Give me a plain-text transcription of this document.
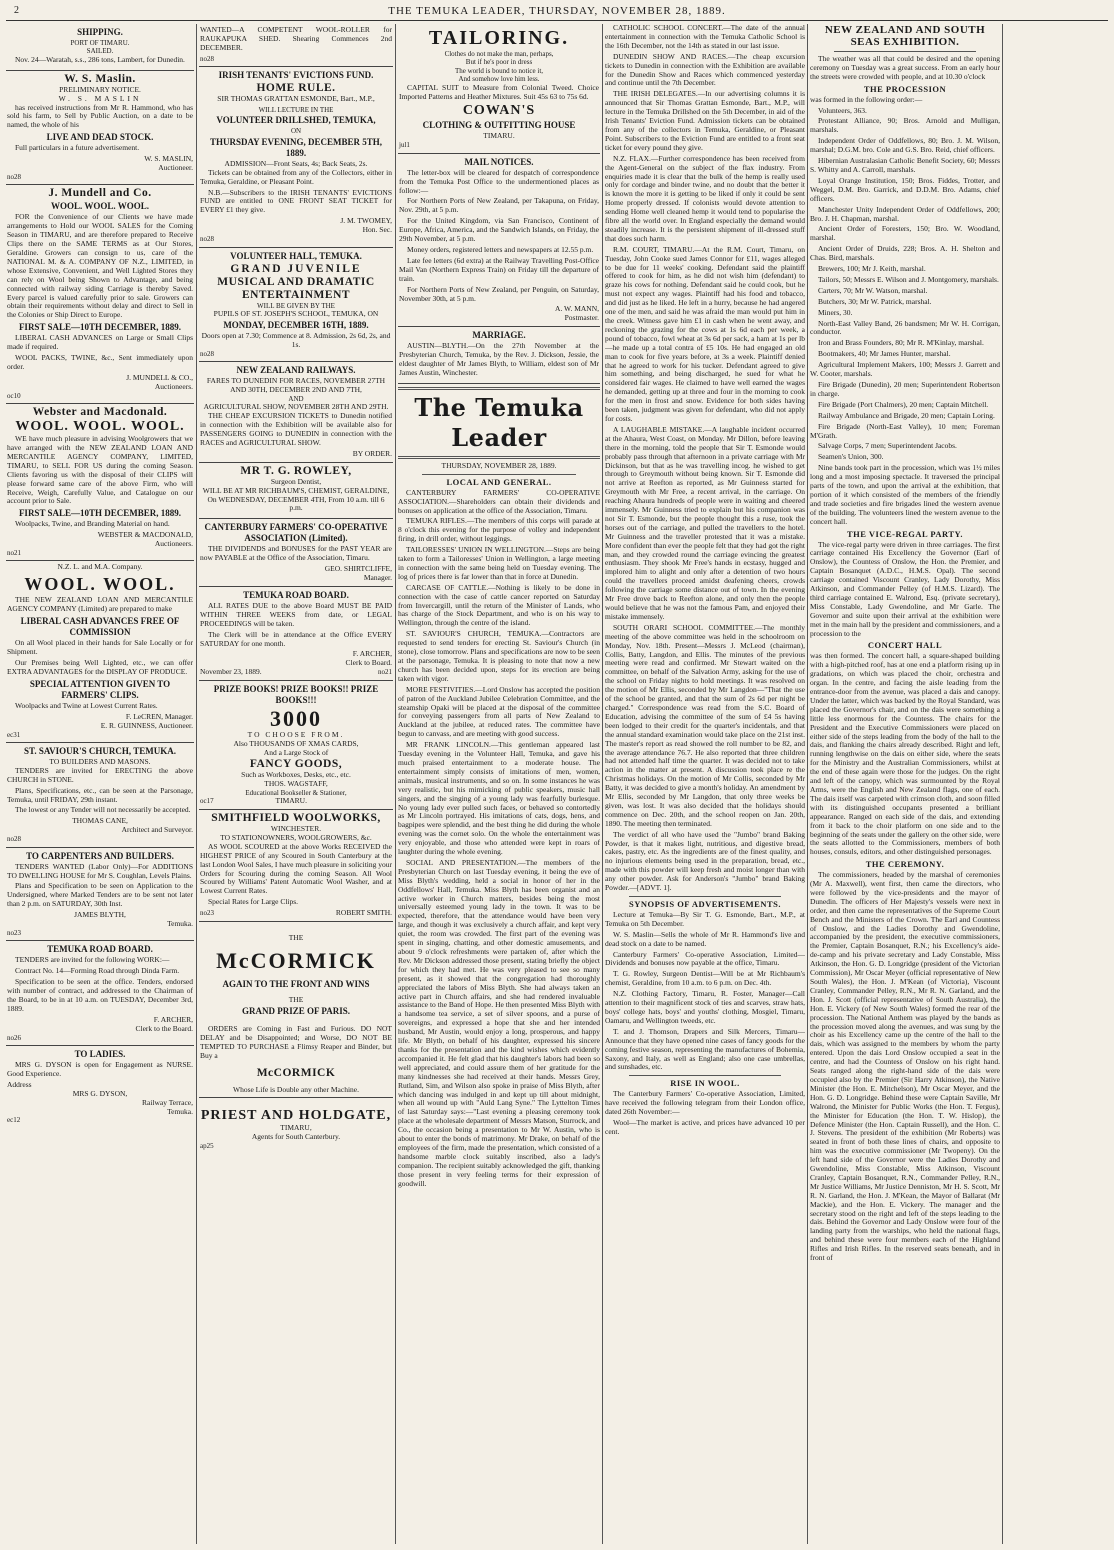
2	THE TEMUKA LEADER, THURSDAY, NOVEMBER 28, 1889.
SHIPPING.
PORT OF TIMARU.
SAILED.

Nov. 24—Waratah, s.s., 286 tons, Lambert, for Dunedin.

W. S. Maslin.
PRELIMINARY NOTICE.
W. S. MASLIN

has received instructions from Mr R. Hammond, who has sold his farm, to Sell by Public Auction, on a date to be named, the whole of his

LIVE AND DEAD STOCK.

Full particulars in a future advertisement.

W. S. MASLIN,
Auctioneer.
no28
J. Mundell and Co.
WOOL. WOOL. WOOL.

FOR the Convenience of our Clients we have made arrangements to Hold our WOOL SALES for the Coming Season in TIMARU, and are therefore prepared to Receive Clips there on the SAME TERMS as at Our Stores, Geraldine. Growers can consign to us, care of the NATIONAL M. & A. COMPANY OF N.Z., LIMITED, in whose Extensive, Convenient, and Well Lighted Stores they can rely on Wool being Shown to Advantage, and being connected with railway siding Carriage is thereby Saved. Every parcel is valued carefully prior to sale. Growers can obtain their requirements without delay and direct to Sell in the Colonies or Ship Direct to Europe.

FIRST SALE—10TH DECEMBER, 1889.

LIBERAL CASH ADVANCES on Large or Small Clips made if required.

WOOL PACKS, TWINE, &c., Sent immediately upon order.

J. MUNDELL & CO.,
Auctioneers.
oc10
Webster and Macdonald.
WOOL. WOOL. WOOL.

WE have much pleasure in advising Woolgrowers that we have arranged with the NEW ZEALAND LOAN AND MERCANTILE AGENCY COMPANY, LIMITED, TIMARU, to SELL FOR US during the coming Season. Clients favoring us with the disposal of their CLIPS will please forward same care of the above Firm, who will Receive, Weigh, Carefully Value, and Catalogue on our account prior to Sale.

FIRST SALE—10TH DECEMBER, 1889.

Woolpacks, Twine, and Branding Material on hand.

WEBSTER & MACDONALD,
Auctioneers.
no21
N.Z. L. and M.A. Company.
WOOL. WOOL.

THE NEW ZEALAND LOAN AND MERCANTILE AGENCY COMPANY (Limited) are prepared to make

LIBERAL CASH ADVANCES FREE OF COMMISSION

On all Wool placed in their hands for Sale Locally or for Shipment.

Our Premises being Well Lighted, etc., we can offer EXTRA ADVANTAGES for the DISPLAY OF PRODUCE.

SPECIAL ATTENTION GIVEN TO FARMERS' CLIPS.

Woolpacks and Twine at Lowest Current Rates.

F. LeCREN, Manager.
E. R. GUINNESS, Auctioneer.
ec31
ST. SAVIOUR'S CHURCH, TEMUKA.
TO BUILDERS AND MASONS.

TENDERS are invited for ERECTING the above CHURCH in STONE.

Plans, Specifications, etc., can be seen at the Parsonage, Temuka, until FRIDAY, 29th instant.

The lowest or any Tender will not necessarily be accepted.

THOMAS CANE,
Architect and Surveyor.
no28
TO CARPENTERS AND BUILDERS.

TENDERS WANTED (Labor Only)—For ADDITIONS TO DWELLING HOUSE for Mr S. Coughlan, Levels Plains.

Plans and Specification to be seen on Application to the Undersigned, where Marked Tenders are to be sent not later than 2 p.m. on SATURDAY, 30th Inst.

JAMES BLYTH,
Temuka.
no23
TEMUKA ROAD BOARD.

TENDERS are invited for the following WORK:—

Contract No. 14—Forming Road through Dinda Farm.

Specification to be seen at the office. Tenders, endorsed with number of contract, and addressed to the Chairman of the Board, to be in at 10 a.m. on TUESDAY, December 3rd, 1889.

F. ARCHER,
Clerk to the Board.
no26
TO LADIES.

MRS G. DYSON is open for Engagement as NURSE. Good Experience.

Address
MRS G. DYSON,
Railway Terrace,
Temuka.
ec12

WANTED—A COMPETENT WOOL-ROLLER for RAUKAPUKA SHED. Shearing Commences 2nd DECEMBER.

no28
IRISH TENANTS' EVICTIONS FUND.
HOME RULE.

SIR THOMAS GRATTAN ESMONDE, Bart., M.P.,

WILL LECTURE IN THE
VOLUNTEER DRILLSHED, TEMUKA,
ON
THURSDAY EVENING, DECEMBER 5TH, 1889.
ADMISSION—Front Seats, 4s; Back Seats, 2s.

Tickets can be obtained from any of the Collectors, either in Temuka, Geraldine, or Pleasant Point.

N.B.—Subscribers to the IRISH TENANTS' EVICTIONS FUND are entitled to ONE FRONT SEAT TICKET for EVERY £1 they give.

J. M. TWOMEY,
Hon. Sec.
no28
VOLUNTEER HALL, TEMUKA.
GRAND JUVENILE
MUSICAL AND DRAMATIC ENTERTAINMENT
WILL BE GIVEN BY THE
PUPILS OF ST. JOSEPH'S SCHOOL, TEMUKA, ON
MONDAY, DECEMBER 16TH, 1889.
Doors open at 7.30; Commence at 8. Admission, 2s 6d, 2s, and 1s.
no28
NEW ZEALAND RAILWAYS.
FARES TO DUNEDIN FOR RACES, NOVEMBER 27TH AND 30TH, DECEMBER 2ND AND 7TH,
AND
AGRICULTURAL SHOW, NOVEMBER 28TH AND 29TH.

THE CHEAP EXCURSION TICKETS to Dunedin notified in connection with the Exhibition will be available also for PASSENGERS GOING to DUNEDIN in connection with the RACES and AGRICULTURAL SHOW.

BY ORDER.
MR T. G. ROWLEY,
Surgeon Dentist,

WILL BE AT MR RICHBAUM'S, CHEMIST, GERALDINE, On WEDNESDAY, DECEMBER 4TH, From 10 a.m. till 6 p.m.

CANTERBURY FARMERS' CO-OPERATIVE ASSOCIATION (Limited).

THE DIVIDENDS and BONUSES for the PAST YEAR are now PAYABLE at the Office of the Association, Timaru.

GEO. SHIRTCLIFFE,
Manager.
TEMUKA ROAD BOARD.

ALL RATES DUE to the above Board MUST BE PAID WITHIN THREE WEEKS from date, or LEGAL PROCEEDINGS will be taken.

The Clerk will be in attendance at the Office EVERY SATURDAY for one month.

F. ARCHER,
Clerk to Board.
November 23, 1889.	no21
PRIZE BOOKS! PRIZE BOOKS!! PRIZE BOOKS!!!
3000
TO CHOOSE FROM.
Also THOUSANDS OF XMAS CARDS,
And a Large Stock of
FANCY GOODS,
Such as Workboxes, Desks, etc., etc.
THOS. WAGSTAFF,
Educational Bookseller & Stationer,
oc17	TIMARU.
SMITHFIELD WOOLWORKS,
WINCHESTER.
TO STATIONOWNERS, WOOLGROWERS, &c.

AS WOOL SCOURED at the above Works RECEIVED the HIGHEST PRICE of any Scoured in South Canterbury at the last London Wool Sales, I have much pleasure in soliciting your Orders for Scouring during the coming Season. All Wool Scoured by Williams' Patent Automatic Wool Washer, and at Lowest Current Rates.

Special Rates for Large Clips.

no23	ROBERT SMITH.
THE
McCORMICK
AGAIN TO THE FRONT AND WINS
THE
GRAND PRIZE OF PARIS.

ORDERS are Coming in Fast and Furious. DO NOT DELAY and be Disappointed; and Worse, DO NOT BE TEMPTED TO PURCHASE a Flimsy Reaper and Binder, but Buy a

McCORMICK
Whose Life is Double any other Machine.
PRIEST AND HOLDGATE,
TIMARU,
Agents for South Canterbury.
ap25
TAILORING.
Clothes do not make the man, perhaps,
But if he's poor in dress
The world is bound to notice it,
And somehow love him less.

CAPITAL SUIT to Measure from Colonial Tweed. Choice Imported Patterns and Heather Mixtures. Suit 45s 63 to 75s 6d.

COWAN'S
CLOTHING & OUTFITTING HOUSE
TIMARU.
jul1
MAIL NOTICES.

The letter-box will be cleared for despatch of correspondence from the Temuka Post Office to the undermentioned places as follow:—

For Northern Ports of New Zealand, per Takapuna, on Friday, Nov. 29th, at 5 p.m.

For the United Kingdom, via San Francisco, Continent of Europe, Africa, America, and the Sandwich Islands, on Friday, the 29th November, at 5 p.m.

Money orders, registered letters and newspapers at 12.55 p.m.

Late fee letters (6d extra) at the Railway Travelling Post-Office Mail Van (Northern Express Train) on Friday till the departure of train.

For Northern Ports of New Zealand, per Penguin, on Saturday, November 30th, at 5 p.m.

A. W. MANN,
Postmaster.
MARRIAGE.

AUSTIN—BLYTH.—On the 27th November at the Presbyterian Church, Temuka, by the Rev. J. Dickson, Jessie, the eldest daughter of Mr James Blyth, to William, eldest son of Mr James Austin, Winchester.

The Temuka Leader
THURSDAY, NOVEMBER 28, 1889.
LOCAL AND GENERAL.

CANTERBURY FARMERS' CO-OPERATIVE ASSOCIATION.—Shareholders can obtain their dividends and bonuses on application at the office of the Association, Timaru.

TEMUKA RIFLES.—The members of this corps will parade at 8 o'clock this evening for the purpose of volley and independent firing, in drill order, without leggings.

TAILORESSES' UNION IN WELLINGTON.—Steps are being taken to form a Tailoresses' Union in Wellington, a large meeting in connection with the same being held on Tuesday evening. The log of prices there is far lower than that in force at Dunedin.

CARCASE OF CATTLE.—Nothing is likely to be done in connection with the case of cattle cancer reported on Saturday from Invercargill, until the return of the Minister of Lands, who has charge of the Stock Department, and who is on his way to Wellington, through the centre of the island.

ST. SAVIOUR'S CHURCH, TEMUKA.—Contractors are requested to send tenders for erecting St. Saviour's Church (in stone), close tomorrow. Plans and specifications are now to be seen at the parsonage, Temuka. It is pleasing to note that now a new church has been decided upon, steps for its erection are being taken with vigor.

MORE FESTIVITIES.—Lord Onslow has accepted the position of patron of the Auckland Jubilee Celebration Committee, and the steamship Opaki will be placed at the disposal of the committee for conveying passengers from all parts of New Zealand to Auckland at the jubilee, at reduced rates. The committee have begun to canvass, and are meeting with good success.

MR FRANK LINCOLN.—This gentleman appeared last Tuesday evening in the Volunteer Hall, Temuka, and gave his much praised entertainment to a moderate house. The entertainment simply consists of imitations of men, women, animals, musical instruments, and so on. In some instances he was very realistic, but his mimicking of public speakers, music hall singers, and the singing of a young lady was fearfully burlesque. No young lady ever pulled such faces, or behaved so contortedly as Mr Lincoln portrayed. His imitations of cats, dogs, hens, and bagpipes were splendid, and the best thing he did during the whole evening was the cornet solo. On the whole the entertainment was very enjoyable, and those who attended were kept in roars of laughter during the whole evening.

SOCIAL AND PRESENTATION.—The members of the Presbyterian Church on last Tuesday evening, it being the eve of Miss Blyth's wedding, held a social in honor of her in the Oddfellows' Hall, Temuka. Miss Blyth has been organist and an active worker in Church matters, besides being the most universally esteemed young lady in the town. It was to be expected, therefore, that the attendance would have been very large, and though it was exclusively a church affair, and kept very quiet, the room was crowded. The first part of the evening was spent in singing, chatting, and other domestic amusements, and about 9 o'clock refreshments were partaken of, after which the Rev. Mr Dickson addressed those present, stating briefly the object for which they had met. He was very pleased to see so many present, as it showed that the congregation had thoroughly appreciated the labors of Miss Blyth. She had always taken an active part in Church affairs, and she had rendered invaluable assistance to the Band of Hope. He then presented Miss Blyth with a handsome tea service, a set of silver spoons, and a purse of sovereigns, and expressed a hope that she and her intended husband, Mr Austin, would enjoy a long, prosperous, and happy life. Mr Blyth, on behalf of his daughter, expressed his sincere thanks for the presentation and the kind wishes which evidently accompanied it. He felt glad that his daughter's labors had been so well appreciated, and could assure them of her gratitude for the many kindnesses she had received at their hands. Messrs Grey, Rutland, Sim, and Wilson also spoke in praise of Miss Blyth, after which dancing was indulged in and kept up till about midnight, when all wound up with "Auld Lang Syne." The Lyttelton Times of last Saturday says:—"Last evening a pleasing ceremony took place at the wholesale department of Messrs Matson, Sturrock, and Co., the occasion being a presentation to Mr W. Austin, who is about to enter the bonds of matrimony. Mr Drake, on behalf of the employees of the firm, made the presentation, which consisted of a handsome marble clock suitably inscribed, also a lady's companion. The recipient suitably acknowledged the gift, thanking those present in very feeling terms for their expression of goodwill.

CATHOLIC SCHOOL CONCERT.—The date of the annual entertainment in connection with the Temuka Catholic School is the 16th December, not the 14th as stated in our last issue.

DUNEDIN SHOW AND RACES.—The cheap excursion tickets to Dunedin in connection with the Exhibition are available for the Dunedin Show and Races which commenced yesterday and continue until the 7th December.

THE IRISH DELEGATES.—In our advertising columns it is announced that Sir Thomas Grattan Esmonde, Bart., M.P., will lecture in the Temuka Drillshed on the 5th December, in aid of the Irish Tenants' Eviction Fund. Admission tickets can be obtained from any of the collectors in Temuka, Geraldine, or Pleasant Point. Subscribers to the Eviction Fund are entitled to a front seat ticket for every pound they give.

N.Z. FLAX.—Further correspondence has been received from the Agent-General on the subject of the flax industry. From enquiries made it is clear that the bulk of the hemp is really used only for cordage and binder twine, and no doubt that the better it is known the more it is getting to be liked if only it could be sent Home properly dressed. If colonists would devote attention to sending Home well cleaned hemp it would tend to popularise the fibre all the world over. In England especially the demand would steadily increase. It is the persistent shipment of ill-dressed stuff that does such harm.

R.M. COURT, TIMARU.—At the R.M. Court, Timaru, on Tuesday, John Cooke sued James Connor for £11, wages alleged to be due for 11 weeks' cooking. Defendant said the plaintiff offered to cook for him, as he did not wish him (defendant) to graze his cows for nothing. Defendant said he could cook, but he must not expect any wages. Plaintiff had his food and tobacco, and did just as he liked. He left in a hurry, because he had angered one of the men, and said he was afraid the man would put him in the creek. Witness gave him £1 in cash when he went away, and reckoning the grazing for the cows at 1s 6d each per week, a pound of tobacco, fowl wheat at 3s 6d per sack, a ham at 1s per lb—he made up a total contra of £5 10s. He had engaged an old man to cook for five years before, at 3s a week. Plaintiff denied that he agreed to work for his tucker. Defendant agreed to give him something, and being discharged, he sued for what he considered fair wages. He claimed to have well earned the wages he demanded, getting up at three and four in the morning to cook for the men in frost and snow. Evidence for both sides having been taken, judgment was given for defendant, who did not apply for costs.

A LAUGHABLE MISTAKE.—A laughable incident occurred at the Ahaura, West Coast, on Monday. Mr Dillon, before leaving there in the morning, told the people that Sir T. Esmonde would probably pass through that afternoon in a private carriage with Mr Dickinson, but that as he was travelling incog. he wished to get through to Greymouth without being known. Sir T. Esmonde did not arrive at Reefton as reported, as Mr Guinness started for Greymouth with Mr Free, a recent arrival, in the carriage. On reaching Ahaura hundreds of people were in waiting and cheered immensely. Mr Guinness tried to explain but his companion was not Sir T. Esmonde, but the people thought this a ruse, took the horses out of the carriage, and pulled the travellers to the hotel. Mr Guinness and the traveller protested that it was a mistake. More confident than ever the people felt that they had got the right man, and they crowded round the carriage evincing the greatest enthusiasm. They shook Mr Free's hands in ecstasy, hugged and implored him to alight and only after a detention of two hours could the travellers proceed amidst deafening cheers, crowds following the carriage some distance out of town. In the evening Mr Free drove back to Reefton alone, and only then the people would believe that he was not the famous Pam, and enjoyed their mistake immensely.

SOUTH ORARI SCHOOL COMMITTEE.—The monthly meeting of the above committee was held in the schoolroom on Monday, Nov. 18th. Present—Messrs J. McLeod (chairman), Collis, Batty, Langdon, and Ellis. The minutes of the previous meeting were read and confirmed. Mr Stewart waited on the committee, on behalf of the Salvation Army, asking for the use of the school on Friday nights to hold meetings. It was resolved on the motion of Mr Ellis, seconded by Mr Langdon—"That the use of the school be granted, and that the sum of 2s 6d per night be charged." Correspondence was read from the S.C. Board of Education, advising the committee of the sum of £4 5s having been lodged to their credit for the quarter's incidentals, and that the annual standard examination would take place on the 21st inst. The master's report as read showed the roll number to be 82, and the average attendance 76.7. He also reported that three children had not attended half time the quarter. It was decided not to take action in the matter at present. A discussion took place re the Christmas holidays. On the motion of Mr Collis, seconded by Mr Batty, it was decided to give a month's holiday. An amendment by Mr Ellis, seconded by Mr Langdon, that only three weeks be given, was lost. It was also decided that the holidays should commence on Dec. 20th, and the school reopen on Jan. 20th, 1890. The meeting then terminated.

The verdict of all who have used the "Jumbo" brand Baking Powder, is that it makes light, nutritious, and digestive bread, cakes, pastry, etc. As the ingredients are of the finest quality, and no injurious elements being used in the preparation, bread, etc., made with this powder will keep fresh and moist longer than with any other powder. Ask for Anderson's "Jumbo" brand Baking Powder.—[ADVT. 1].

SYNOPSIS OF ADVERTISEMENTS.

Lecture at Temuka—By Sir T. G. Esmonde, Bart., M.P., at Temuka on 5th December.

W. S. Maslin—Sells the whole of Mr R. Hammond's live and dead stock on a date to be named.

Canterbury Farmers' Co-operative Association, Limited—Dividends and bonuses now payable at the office, Timaru.

T. G. Rowley, Surgeon Dentist—Will be at Mr Richbaum's chemist, Geraldine, from 10 a.m. to 6 p.m. on Dec. 4th.

N.Z. Clothing Factory, Timaru, R. Foster, Manager—Call attention to their magnificent stock of ties and scarves, straw hats, boys' college hats, boys' and youths' clothing, Mosgiel, Timaru, Oamaru, and Wellington tweeds, etc.

T. and J. Thomson, Drapers and Silk Mercers, Timaru—Announce that they have opened nine cases of fancy goods for the coming festive season, representing the manufactures of Bohemia, Saxony, and Italy, as well as England; also one case umbrellas, and sunshades, etc.

RISE IN WOOL.

The Canterbury Farmers' Co-operative Association, Limited, have received the following telegram from their London office, dated 26th November:—

Wool—The market is active, and prices have advanced 10 per cent.

NEW ZEALAND AND SOUTH SEAS EXHIBITION.

The weather was all that could be desired and the opening ceremony on Tuesday was a great success. From an early hour the streets were crowded with people, and at 10.30 o'clock

THE PROCESSION

was formed in the following order:—

Volunteers, 363.

Protestant Alliance, 90; Bros. Arnold and Mulligan, marshals.

Independent Order of Oddfellows, 80; Bro. J. M. Wilson, marshal; D.G.M. bro. Cole and G.S. Bro. Reid, chief officers.

Hibernian Australasian Catholic Benefit Society, 60; Messrs S. Whitty and A. Carroll, marshals.

Loyal Orange Institution, 150; Bros. Fiddes, Trotter, and Weggel, D.M. Bro. Garrick, and D.D.M. Bro. Adams, chief officers.

Manchester Unity Independent Order of Oddfellows, 200; Bro. J. H. Chapman, marshal.

Ancient Order of Foresters, 150; Bro. W. Woodland, marshal.

Ancient Order of Druids, 228; Bros. A. H. Shelton and Chas. Bird, marshals.

Brewers, 100; Mr J. Keith, marshal.

Tailors, 50; Messrs E. Wilson and J. Montgomery, marshals.

Carters, 70; Mr W. Watson, marshal.

Butchers, 30; Mr W. Patrick, marshal.

Miners, 30.

North-East Valley Band, 26 bandsmen; Mr W. H. Corrigan, conductor.

Iron and Brass Founders, 80; Mr R. M'Kinlay, marshal.

Bootmakers, 40; Mr James Hunter, marshal.

Agricultural Implement Makers, 100; Messrs J. Garrett and W. Cooter, marshals.

Fire Brigade (Dunedin), 20 men; Superintendent Robertson in charge.

Fire Brigade (Port Chalmers), 20 men; Captain Mitchell.

Railway Ambulance and Brigade, 20 men; Captain Loring.

Fire Brigade (North-East Valley), 10 men; Foreman M'Grath.

Salvage Corps, 7 men; Superintendent Jacobs.

Seamen's Union, 300.

Nine bands took part in the procession, which was 1½ miles long and a most imposing spectacle. It traversed the principal parts of the town, and upon the arrival at the exhibition, that portion of it which consisted of the members of the friendly and trade societies and fire brigades lined the western avenue of the building. The volunteers lined the western avenue to the concert hall.

THE VICE-REGAL PARTY.

The vice-regal party were driven in three carriages. The first carriage contained His Excellency the Governor (Earl of Onslow), the Countess of Onslow, the Hon. the Premier, and Captain Bosanquet (A.D.C., H.M.S. Opal). The second carriage contained Viscount Cranley, Lady Dorothy, Miss Atkinson, and Commander Pelley (of H.M.S. Lizard). The third carriage contained E. Walrond, Esq. (private secretary), Miss Constable, Lady Gwendoline, and Mr Garle. The Governor and suite upon their arrival at the exhibition were met in the main hall by the president and commissioners, and a procession to the

CONCERT HALL

was then formed. The concert hall, a square-shaped building with a high-pitched roof, has at one end a platform rising up in gradations, on which was placed the choir, orchestra and organ. In the centre, and facing the aisle leading from the entrance-door from the avenue, was placed a dais and canopy. Under the latter, which was backed by the Royal Standard, was placed the Governor's chair, and on the dais were something a little less enormous for the Countess. The chairs for the President and the Executive Commissioners were placed on either side of the steps leading from the body of the hall to the dais, and flanking the chairs already described. Right and left, running lengthwise on the dais on either side, where the seats for the Ministry and the Australian Commissioners, whilst at the end of these again were those for the judges. On the right and left of the canopy, which was surmounted by the Royal Arms, were the English and New Zealand flags, one of each. The dais itself was carpeted with crimson cloth, and soon filled with its distinguished occupants presented a brilliant appearance. Ranged on each side of the dais, and extending from it back to the choir platform on one side and to the beginning of the seats under the gallery on the other side, were the seats allotted to the Commissioners, members of both houses, consuls, editors, and other distinguished personages.

THE CEREMONY.

The commissioners, headed by the marshal of ceremonies (Mr A. Maxwell), went first, then came the directors, who were followed by the vice-presidents and the mayor of Dunedin. The officers of Her Majesty's vessels were next in order, and then came the representatives of the Supreme Court Bench and the Ministers of the Crown. The Earl and Countess of Onslow, and the Ladies Dorothy and Gwendoline, accompanied by the president, the executive commissioners, the Premier, Captain Bosanquet, R.N.; his Excellency's aide-de-camp and his private secretary and Lady Constable, Miss Atkinson, the Hon. G. D. Longridge (president of the Victorian Commission), Mr Oscar Meyer (official representative of New South Wales), the Hon. J. M'Kean (of Victoria), Viscount Cranley, Commander Pelley, R.N., Mr R. N. Garland, and the Hon. J. Scott (official representative of South Australia), the Hon. E. Vickery (of New South Wales) formed the rear of the procession. The National Anthem was played by the bands as the procession moved along the avenues, and was sung by the choir as his Excellency came up the centre of the hall to the dais, which was assigned to the members by whom the party entered. Upon the dais Lord Onslow occupied a seat in the centre, and had the Countess of Onslow on his right hand. Seats ranged along the right-hand side of the dais were occupied also by the Premier (Sir Harry Atkinson), the Native Minister (the Hon. E. Mitchelson), Mr Oscar Meyer, and the Hon. G. D. Longridge. Behind these were Captain Saville, Mr Walrond, the Minister for Public Works (the Hon. T. Fergus), the Minister for Education (the Hon. T. W. Hislop), the Defence Minister (the Hon. Captain Russell), and the Hon. C. J. Stevens. The president of the exhibition (Mr Roberts) was seated in front of both these lines of chairs, and opposite to him was the executive commissioner (Mr Twopeny). On the left hand side of the Governor were the Ladies Dorothy and Gwendoline, Miss Constable, Miss Atkinson, Viscount Cranley, Captain Bosanquet, R.N., Commander Pelley, R.N., Mr Justice Williams, Mr Justice Denniston, Mr H. S. Scott, Mr R. N. Garland, the Hon. J. M'Kean, the Mayor of Ballarat (Mr Mackie), and the Hon. E. Vickery. The manager and the secretary stood on the right and left of the steps leading to the dais. Behind the Governor and Lady Onslow were four of the landing party from the warships, who held the national flags, and behind these were four members each of the Highland Rifles and Irish Rifles. In the reserved seats beneath, and in front of
